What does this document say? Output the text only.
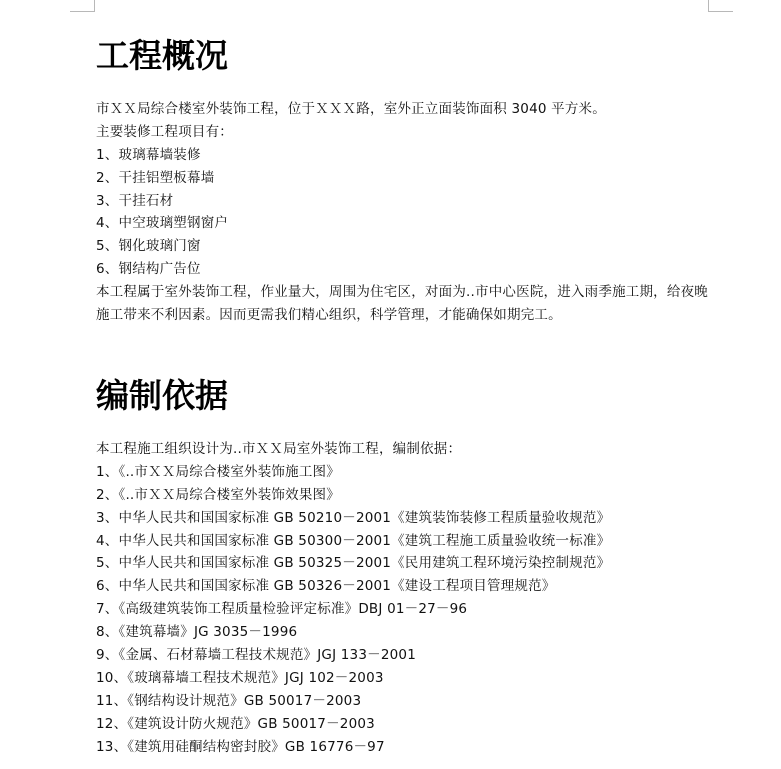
工程概况
市ＸＸ局综合楼室外装饰工程，位于ＸＸＸ路，室外正立面装饰面积 3040 平方米。
主要装修工程项目有：
1、玻璃幕墙装修
2、干挂铝塑板幕墙
3、干挂石材
4、中空玻璃塑钢窗户
5、钢化玻璃门窗
6、钢结构广告位
本工程属于室外装饰工程，作业量大，周围为住宅区，对面为..市中心医院，进入雨季施工期，给夜晚施工带来不利因素。因而更需我们精心组织，科学管理，才能确保如期完工。
编制依据
本工程施工组织设计为..市ＸＸ局室外装饰工程，编制依据：
1、《..市ＸＸ局综合楼室外装饰施工图》
2、《..市ＸＸ局综合楼室外装饰效果图》
3、中华人民共和国国家标准 GB 50210－2001《建筑装饰装修工程质量验收规范》
4、中华人民共和国国家标准 GB 50300－2001《建筑工程施工质量验收统一标准》
5、中华人民共和国国家标准 GB 50325－2001《民用建筑工程环境污染控制规范》
6、中华人民共和国国家标准 GB 50326－2001《建设工程项目管理规范》
7、《高级建筑装饰工程质量检验评定标准》DBJ 01－27－96
8、《建筑幕墙》JG 3035－1996
9、《金属、石材幕墙工程技术规范》JGJ 133－2001
10、《玻璃幕墙工程技术规范》JGJ 102－2003
11、《钢结构设计规范》GB 50017－2003
12、《建筑设计防火规范》GB 50017－2003
13、《建筑用硅酮结构密封胶》GB 16776－97
